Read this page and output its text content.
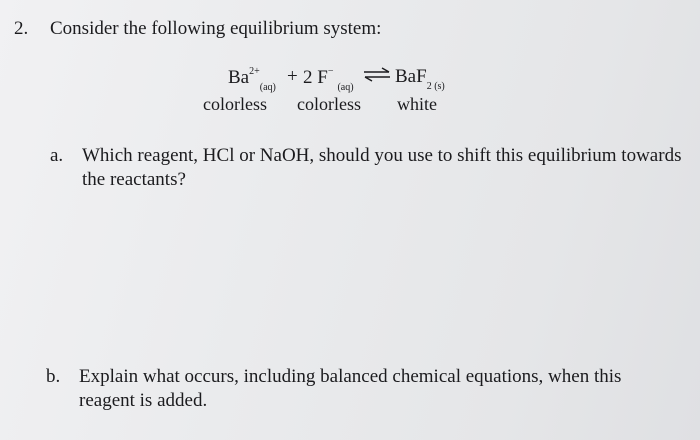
2. Consider the following equilibrium system:
$Ba^{2+}_{(aq)}$
+ 2 $F^-_{(aq)}$
⇌ BaF$_{2 (s)}$
colorless colorless white
a. Which reagent, HCl or NaOH, should you use to shift this equilibrium towards the reactants?
b. Explain what occurs, including balanced chemical equations, when this reagent is added.
